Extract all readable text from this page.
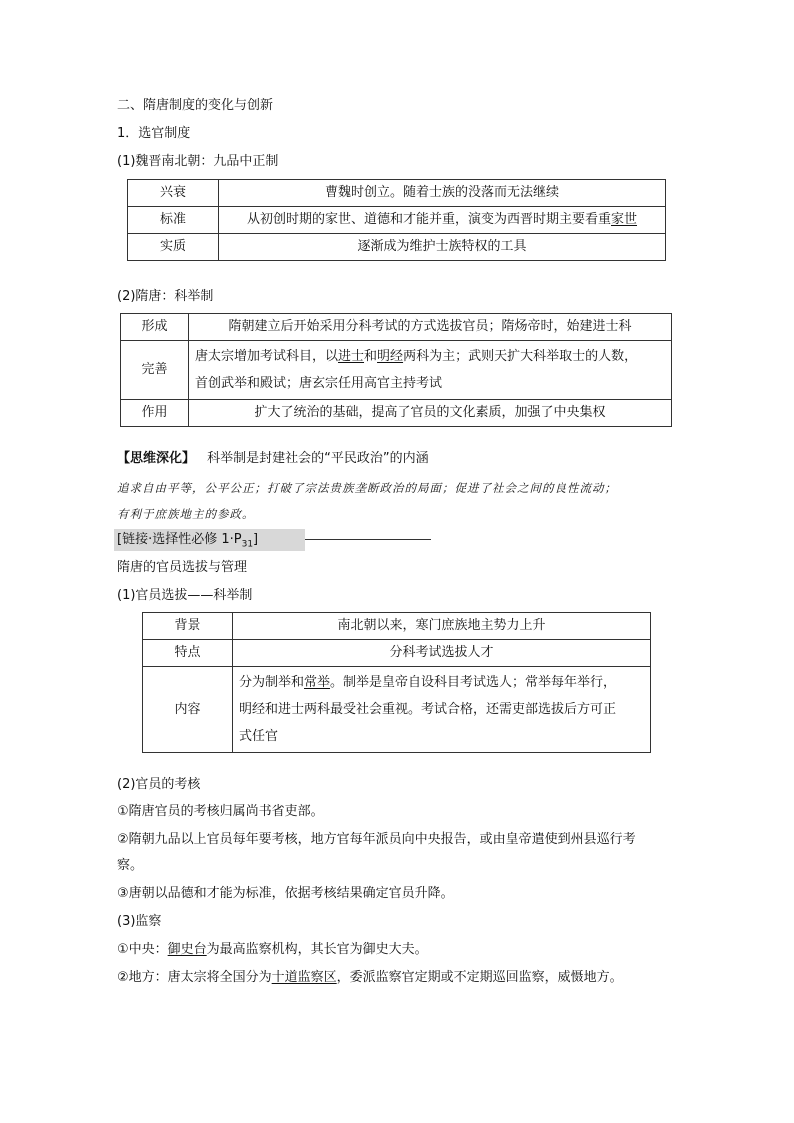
二、隋唐制度的变化与创新
1．选官制度
(1)魏晋南北朝：九品中正制
兴衰	曹魏时创立。随着士族的没落而无法继续
标准	从初创时期的家世、道德和才能并重，演变为西晋时期主要看重家世
实质	逐渐成为维护士族特权的工具
(2)隋唐：科举制
形成	隋朝建立后开始采用分科考试的方式选拔官员；隋炀帝时，始建进士科
完善	唐太宗增加考试科目，以进士和明经两科为主；武则天扩大科举取士的人数，
首创武举和殿试；唐玄宗任用高官主持考试
作用	扩大了统治的基础，提高了官员的文化素质，加强了中央集权
【思维深化】 科举制是封建社会的“平民政治”的内涵
追求自由平等，公平公正；打破了宗法贵族垄断政治的局面；促进了社会之间的良性流动；
有利于庶族地主的参政。
[链接·选择性必修 $1\cdot P_{31}$]
隋唐的官员选拔与管理
(1)官员选拔——科举制
背景	南北朝以来，寒门庶族地主势力上升
特点	分科考试选拔人才
内容	分为制举和常举。制举是皇帝自设科目考试选人；常举每年举行，
明经和进士两科最受社会重视。考试合格，还需吏部选拔后方可正
式任官
(2)官员的考核
①隋唐官员的考核归属尚书省吏部。
②隋朝九品以上官员每年要考核，地方官每年派员向中央报告，或由皇帝遣使到州县巡行考
察。
③唐朝以品德和才能为标准，依据考核结果确定官员升降。
(3)监察
①中央：御史台为最高监察机构，其长官为御史大夫。
②地方：唐太宗将全国分为十道监察区，委派监察官定期或不定期巡回监察，威慑地方。
